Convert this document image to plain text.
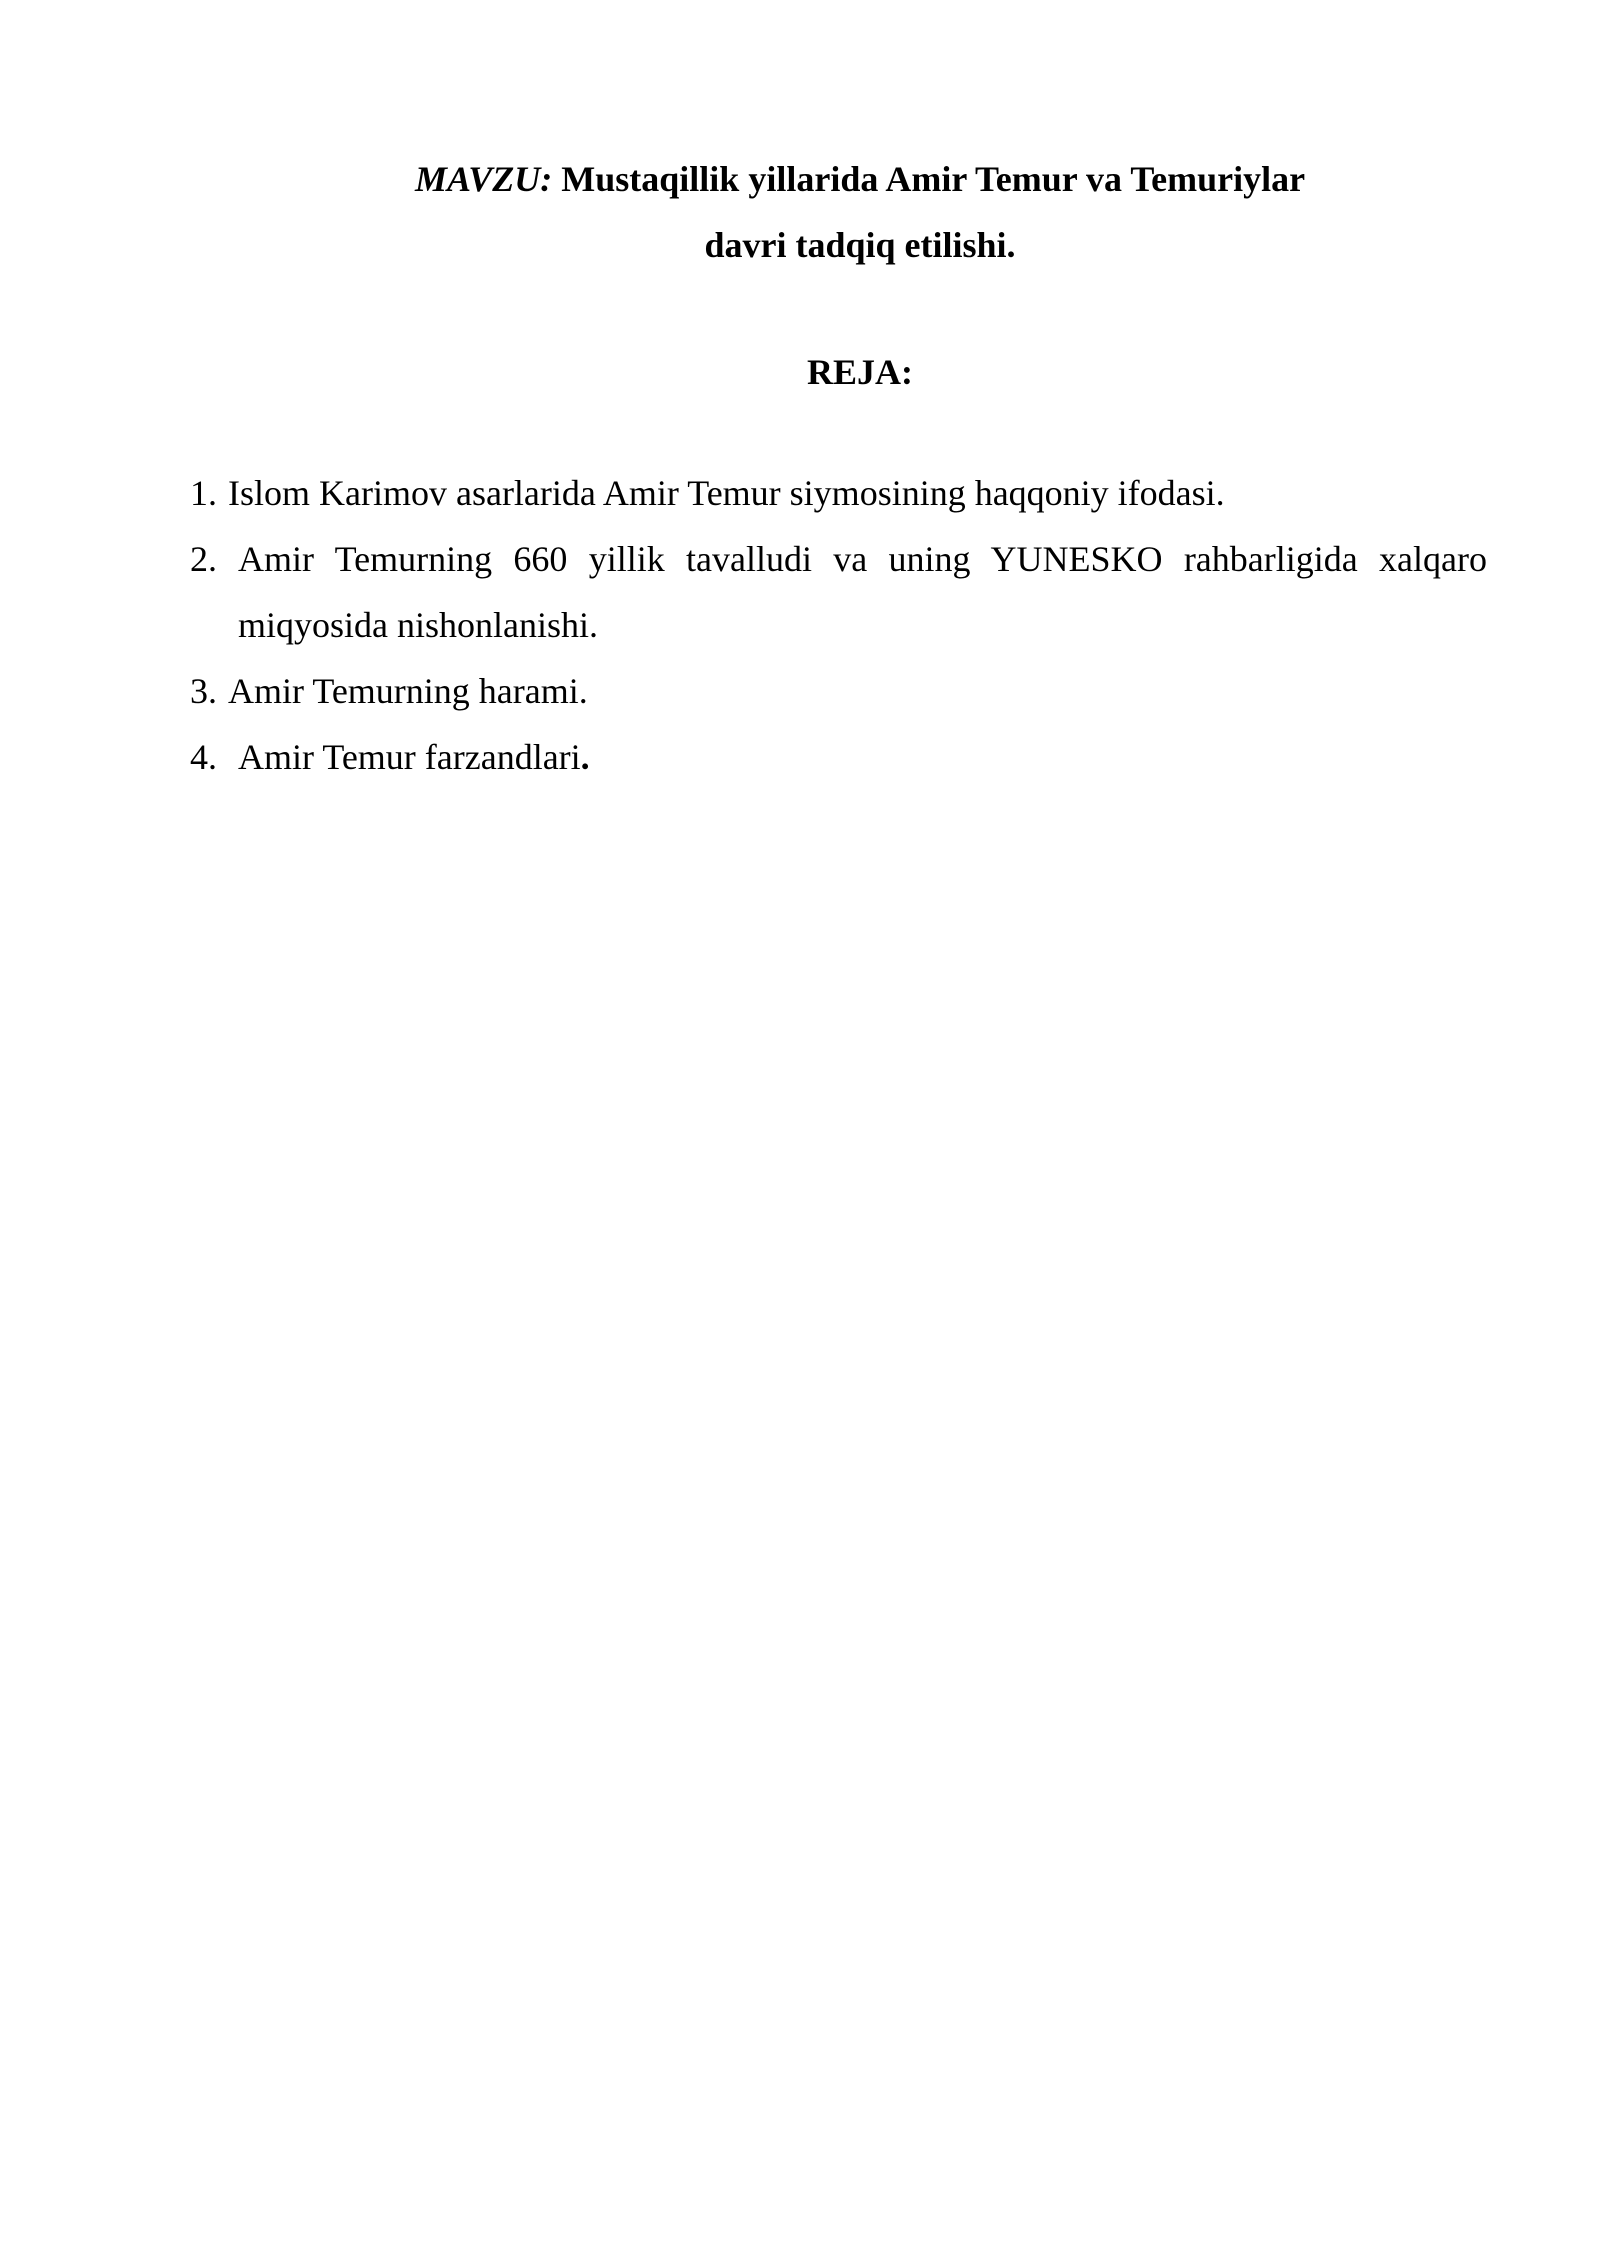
MAVZU: Mustaqillik yillarida Amir Temur va Temuriylar
davri tadqiq etilishi.
REJA:
1. Islom Karimov asarlarida Amir Temur siymosining haqqoniy ifodasi.
2. Amir Temurning 660 yillik tavalludi va uning YUNESKO rahbarligida xalqaro miqyosida nishonlanishi.
3. Amir Temurning harami.
4. Amir Temur farzandlari.
